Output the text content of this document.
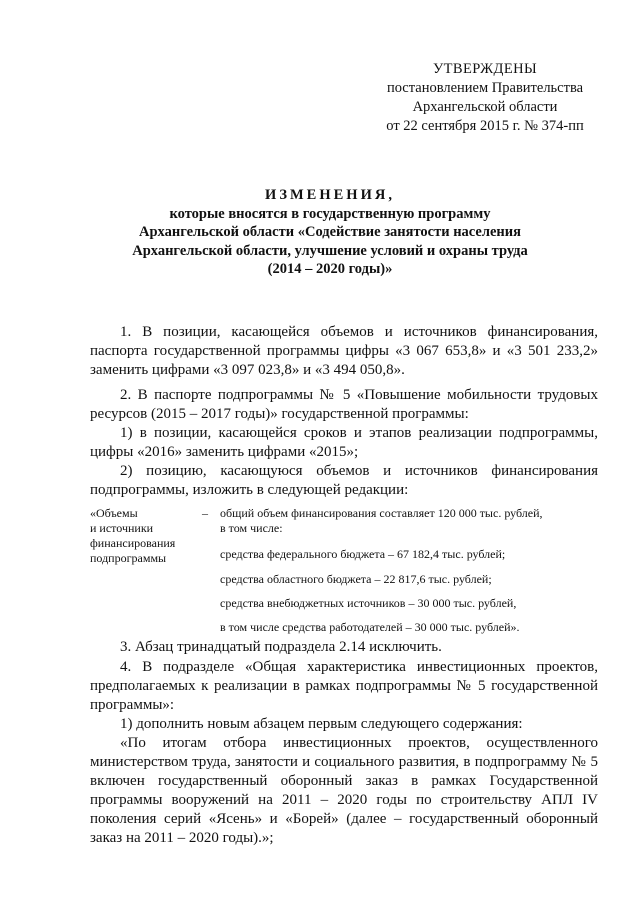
УТВЕРЖДЕНЫ
постановлением Правительства
Архангельской области
от 22 сентября 2015 г. № 374-пп
ИЗМЕНЕНИЯ,
которые вносятся в государственную программу
Архангельской области «Содействие занятости населения
Архангельской области, улучшение условий и охраны труда
(2014 – 2020 годы)»
1. В позиции, касающейся объемов и источников финансирования, паспорта государственной программы цифры «3 067 653,8» и «3 501 233,2» заменить цифрами «3 097 023,8» и «3 494 050,8».
2. В паспорте подпрограммы № 5 «Повышение мобильности трудовых ресурсов (2015 – 2017 годы)» государственной программы:
1) в позиции, касающейся сроков и этапов реализации подпрограммы, цифры «2016» заменить цифрами «2015»;
2) позицию, касающуюся объемов и источников финансирования подпрограммы, изложить в следующей редакции:
«Объемы
и источники
финансирования
подпрограммы
– общий объем финансирования составляет 120 000 тыс. рублей,
в том числе:
средства федерального бюджета – 67 182,4 тыс. рублей;
средства областного бюджета – 22 817,6 тыс. рублей;
средства внебюджетных источников – 30 000 тыс. рублей,
в том числе средства работодателей – 30 000 тыс. рублей».
3. Абзац тринадцатый подраздела 2.14 исключить.
4. В подразделе «Общая характеристика инвестиционных проектов, предполагаемых к реализации в рамках подпрограммы № 5 государственной программы»:
1) дополнить новым абзацем первым следующего содержания:
«По итогам отбора инвестиционных проектов, осуществленного министерством труда, занятости и социального развития, в подпрограмму № 5 включен государственный оборонный заказ в рамках Государственной программы вооружений на 2011 – 2020 годы по строительству АПЛ IV поколения серий «Ясень» и «Борей» (далее – государственный оборонный заказ на 2011 – 2020 годы).»;
